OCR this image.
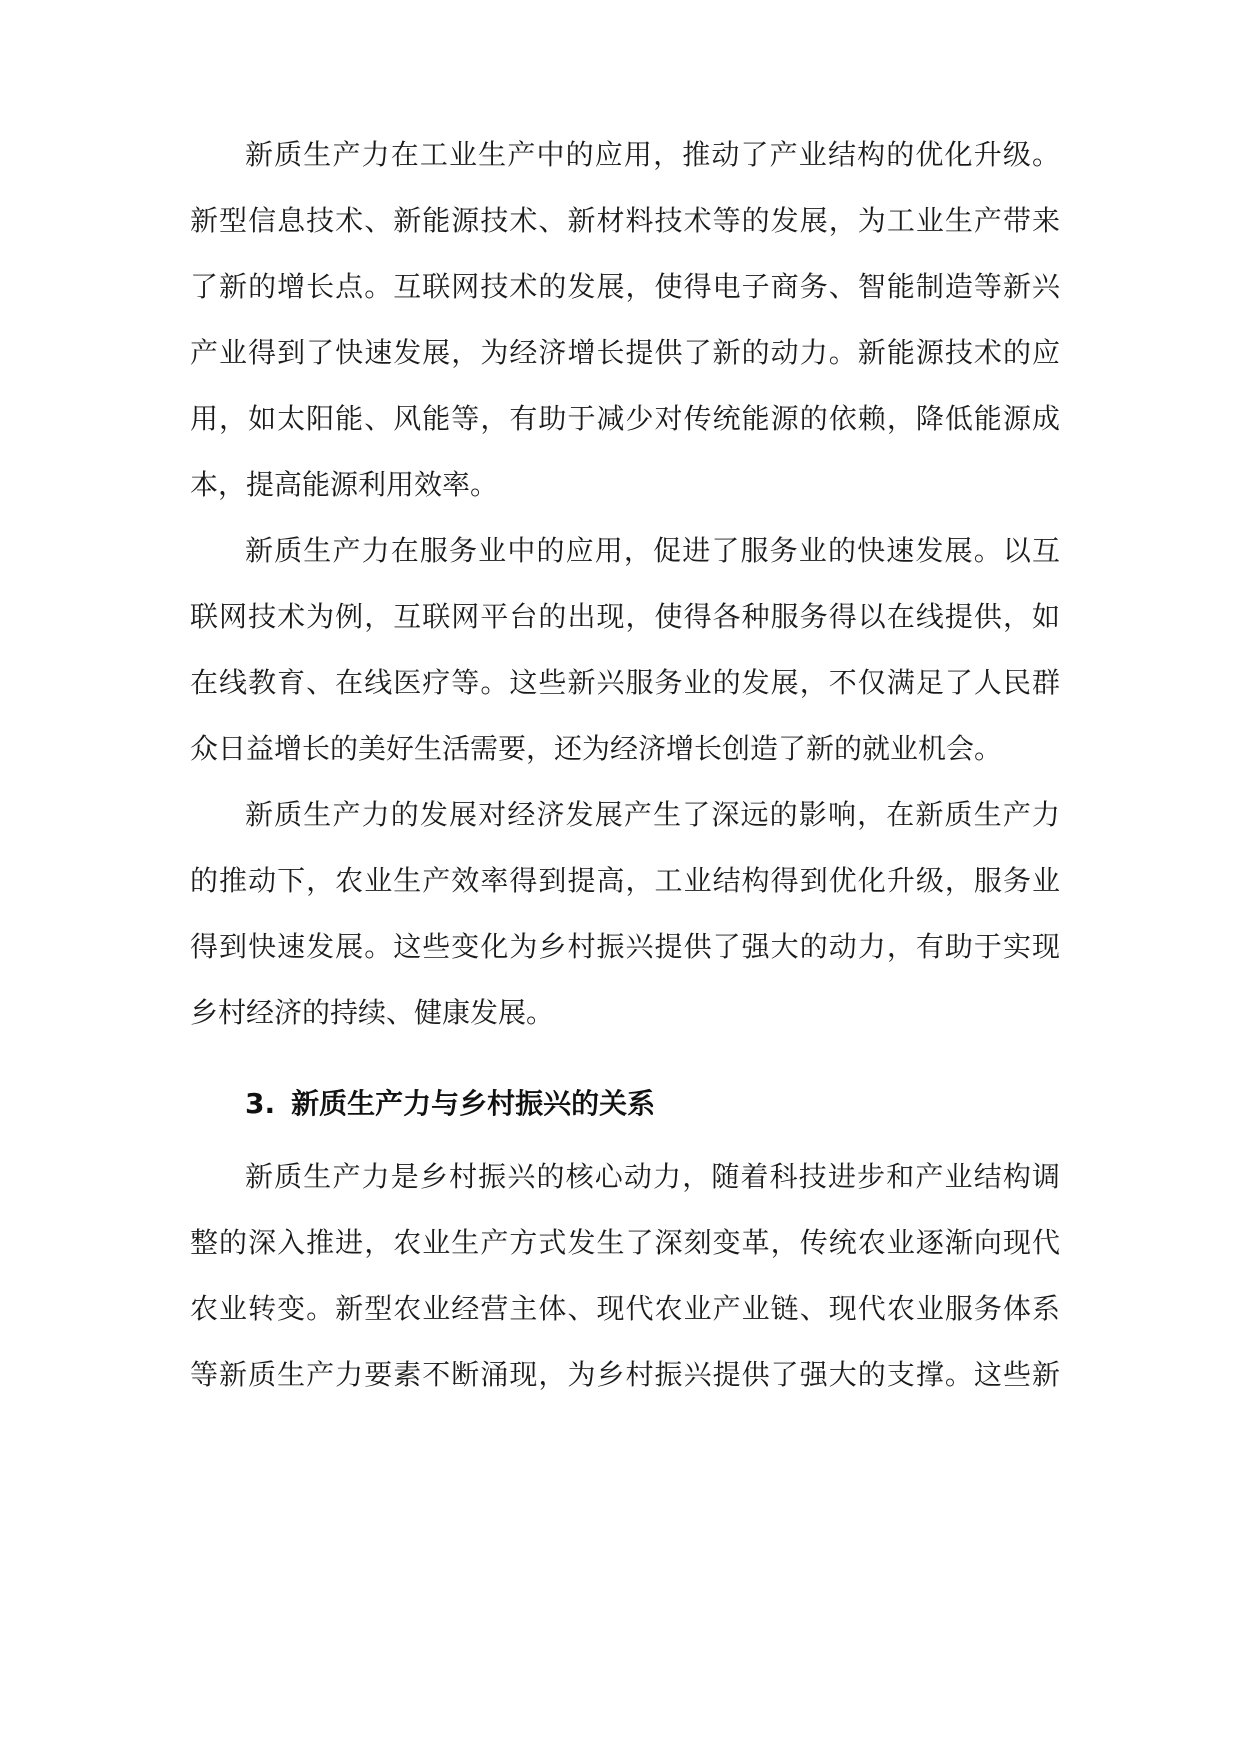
新质生产力在工业生产中的应用，推动了产业结构的优化升级。

新型信息技术、新能源技术、新材料技术等的发展，为工业生产带来

了新的增长点。互联网技术的发展，使得电子商务、智能制造等新兴

产业得到了快速发展，为经济增长提供了新的动力。新能源技术的应

用，如太阳能、风能等，有助于减少对传统能源的依赖，降低能源成

本，提高能源利用效率。

新质生产力在服务业中的应用，促进了服务业的快速发展。以互

联网技术为例，互联网平台的出现，使得各种服务得以在线提供，如

在线教育、在线医疗等。这些新兴服务业的发展，不仅满足了人民群

众日益增长的美好生活需要，还为经济增长创造了新的就业机会。

新质生产力的发展对经济发展产生了深远的影响，在新质生产力

的推动下，农业生产效率得到提高，工业结构得到优化升级，服务业

得到快速发展。这些变化为乡村振兴提供了强大的动力，有助于实现

乡村经济的持续、健康发展。

3. 新质生产力与乡村振兴的关系

新质生产力是乡村振兴的核心动力，随着科技进步和产业结构调

整的深入推进，农业生产方式发生了深刻变革，传统农业逐渐向现代

农业转变。新型农业经营主体、现代农业产业链、现代农业服务体系

等新质生产力要素不断涌现，为乡村振兴提供了强大的支撑。这些新
